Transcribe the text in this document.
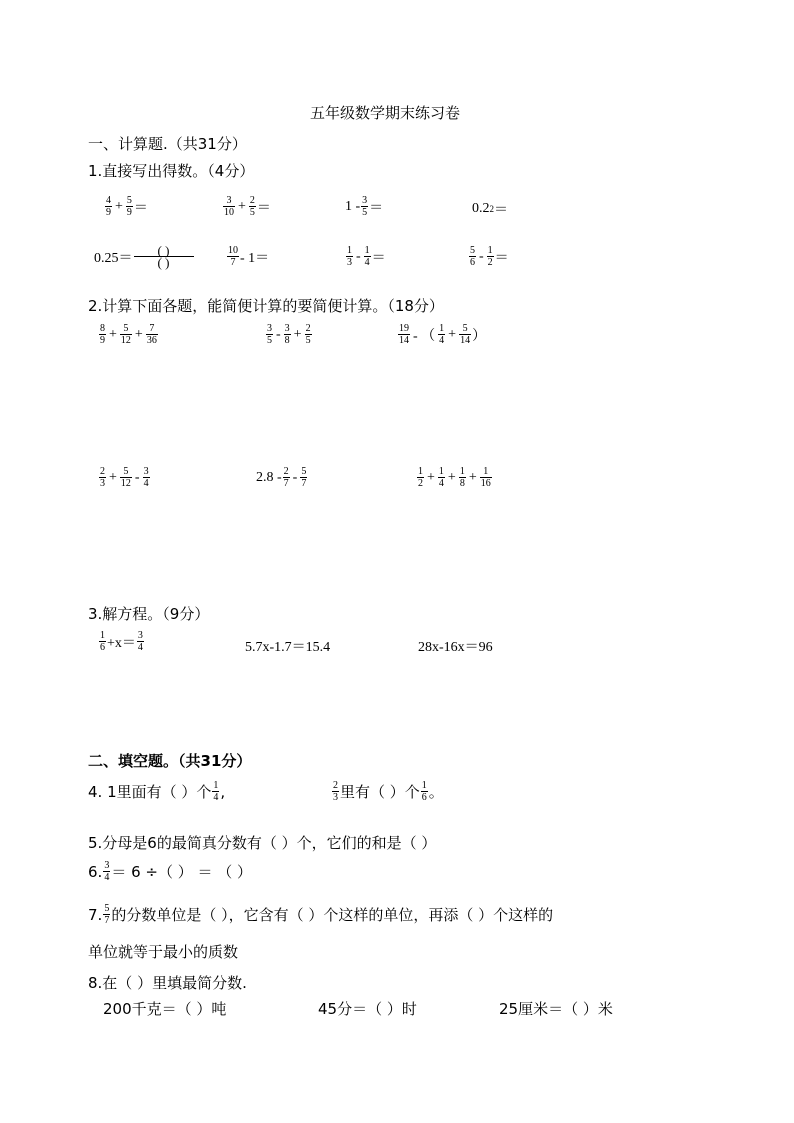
五年级数学期末练习卷
一、计算题.（共31分）
1.直接写出得数。（4分）
$\frac{4}{9} + \frac{5}{9}$ ＝	$\frac{3}{10} + \frac{2}{5}$ ＝	$1 - \frac{3}{5}$ ＝	0.2 2 ＝
$0.25= \frac{( )}{( )}$	$\frac{10}{7} - 1=$	$\frac{1}{3} - \frac{1}{4}$ ＝	$\frac{5}{6} - \frac{1}{2}$ ＝
2.计算下面各题，能简便计算的要简便计算。（18分）
$\frac{8}{9} + \frac{5}{12} + \frac{7}{36}$	$\frac{3}{5} - \frac{3}{8} + \frac{2}{5}$	$\frac{19}{14}$ - （ $\frac{1}{4} + \frac{5}{14}$ ）
$\frac{2}{3} + \frac{5}{12} - \frac{3}{4}$	$2.8 - \frac{2}{7} - \frac{5}{7}$	$\frac{1}{2} + \frac{1}{4} + \frac{1}{8} + \frac{1}{16}$
3.解方程。（9分）
$\frac{1}{6} +x= \frac{3}{4}$	5.7x-1.7＝15.4	28x-16x＝96
二、填空题。（共31分）
4. 1里面有（ ）个 $\frac{1}{4}$ ,	$\frac{2}{3}$ 里有（ ）个 $\frac{1}{6}$ 。
5.分母是6的最简真分数有（ ）个，它们的和是（ ）
6. $\frac{3}{4} = 6$ ÷（ ） ＝ （ ）
7. $\frac{5}{7}$ 的分数单位是（ ），它含有（ ）个这样的单位，再添（ ）个这样的
单位就等于最小的质数
8.在（ ）里填最简分数.
200千克＝（ ）吨	45分＝（ ）时	25厘米＝（ ）米
